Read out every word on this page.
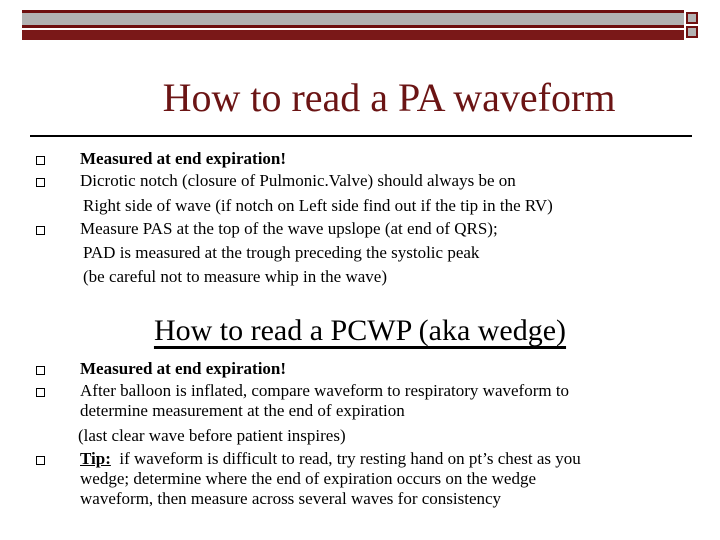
How to read a PA waveform
Measured at end expiration!
Dicrotic notch (closure of Pulmonic.Valve) should always be on
Right side of wave (if notch on Left side find out if the tip in the RV)
Measure PAS at the top of the wave upslope (at end of QRS);
PAD is measured at the trough preceding the systolic peak
(be careful not to measure whip in the wave)
How to read a PCWP (aka wedge)
Measured at end expiration!
After balloon is inflated, compare waveform to respiratory waveform to
determine measurement at the end of expiration
(last clear wave before patient inspires)
Tip: if waveform is difficult to read, try resting hand on pt’s chest as you
wedge; determine where the end of expiration occurs on the wedge
waveform, then measure across several waves for consistency
